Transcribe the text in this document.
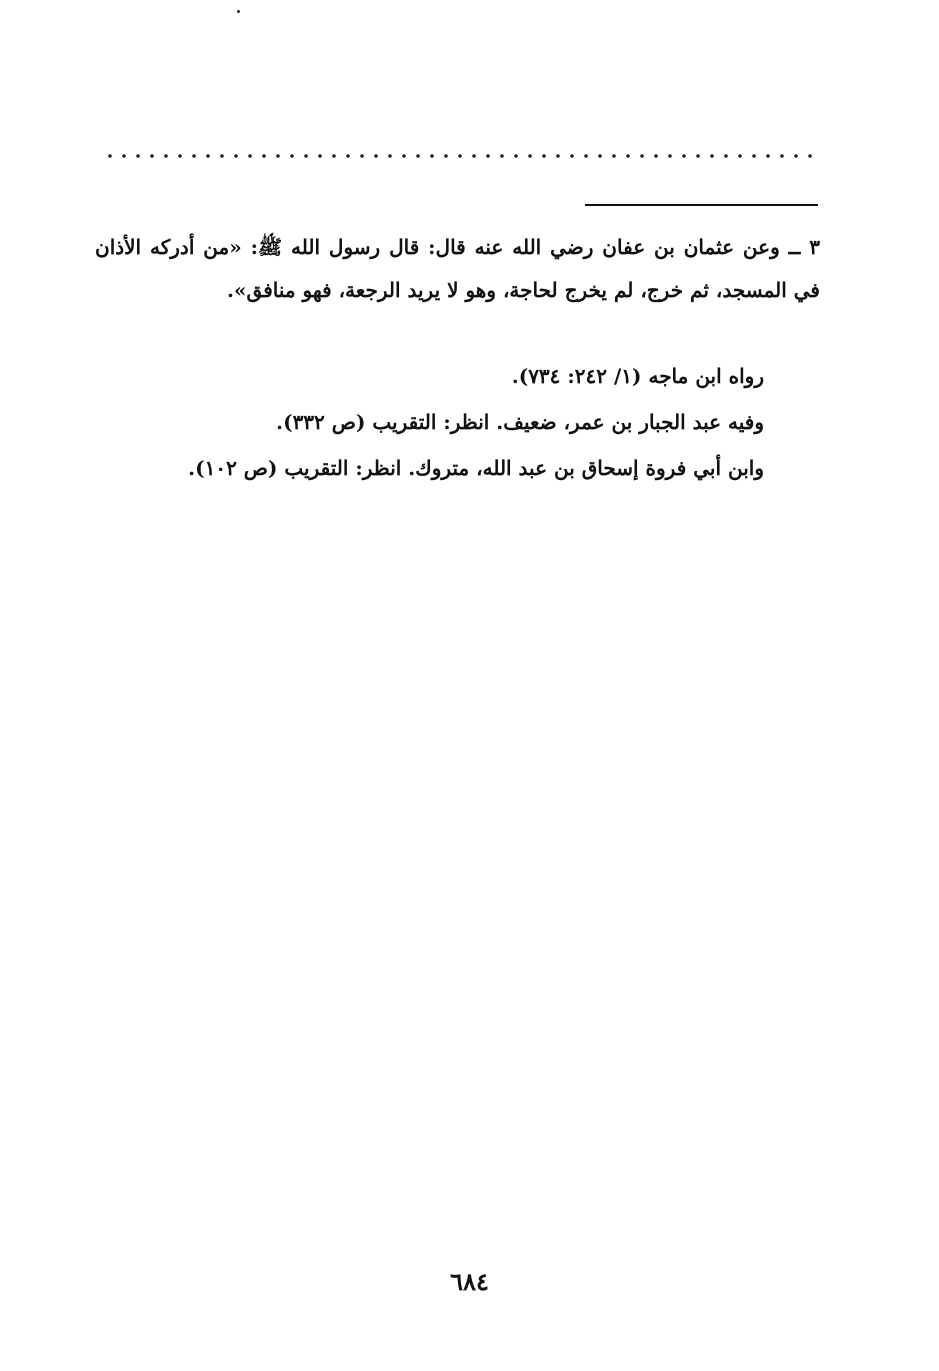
٣ ــ وعن عثمان بن عفان رضي الله عنه قال: قال رسول الله ﷺ: «من أدركه الأذان في المسجد، ثم خرج، لم يخرج لحاجة، وهو لا يريد الرجعة، فهو منافق».

رواه ابن ماجه (١/ ٢٤٢: ٧٣٤).
وفيه عبد الجبار بن عمر، ضعيف. انظر: التقريب (ص ٣٣٢).
وابن أبي فروة إسحاق بن عبد الله، متروك. انظر: التقريب (ص ١٠٢).
٦٨٤
